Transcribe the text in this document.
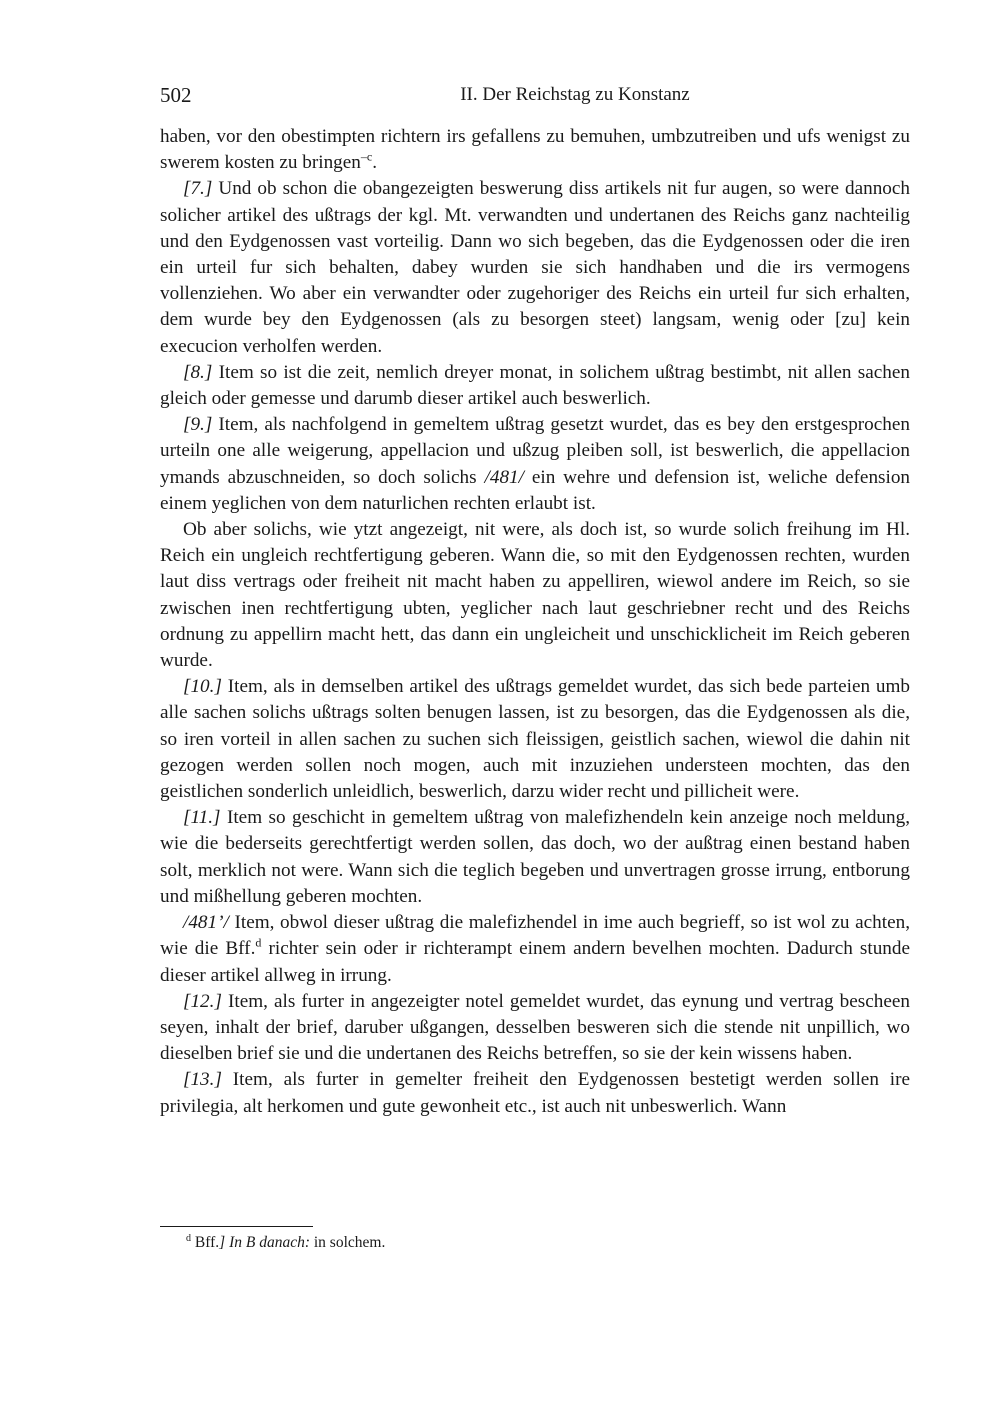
502	II. Der Reichstag zu Konstanz

haben, vor den obestimpten richtern irs gefallens zu bemuhen, umbzutreiben und ufs wenigst zu swerem kosten zu bringen$^{-c}$.

[7.] Und ob schon die obangezeigten beswerung diss artikels nit fur augen, so were dannoch solicher artikel des ußtrags der kgl. Mt. verwandten und undertanen des Reichs ganz nachteilig und den Eydgenossen vast vorteilig. Dann wo sich begeben, das die Eydgenossen oder die iren ein urteil fur sich behalten, dabey wurden sie sich handhaben und die irs vermogens vollenziehen. Wo aber ein verwandter oder zugehoriger des Reichs ein urteil fur sich erhalten, dem wurde bey den Eydgenossen (als zu besorgen steet) langsam, wenig oder [zu] kein execucion verholfen werden.

[8.] Item so ist die zeit, nemlich dreyer monat, in solichem ußtrag bestimbt, nit allen sachen gleich oder gemesse und darumb dieser artikel auch beswerlich.

[9.] Item, als nachfolgend in gemeltem ußtrag gesetzt wurdet, das es bey den erstgesprochen urteiln one alle weigerung, appellacion und ußzug pleiben soll, ist beswerlich, die appellacion ymands abzuschneiden, so doch solichs /481/ ein wehre und defension ist, weliche defension einem yeglichen von dem naturlichen rechten erlaubt ist.

Ob aber solichs, wie ytzt angezeigt, nit were, als doch ist, so wurde solich freihung im Hl. Reich ein ungleich rechtfertigung geberen. Wann die, so mit den Eydgenossen rechten, wurden laut diss vertrags oder freiheit nit macht haben zu appelliren, wiewol andere im Reich, so sie zwischen inen rechtfertigung ubten, yeglicher nach laut geschriebner recht und des Reichs ordnung zu appellirn macht hett, das dann ein ungleicheit und unschicklicheit im Reich geberen wurde.

[10.] Item, als in demselben artikel des ußtrags gemeldet wurdet, das sich bede parteien umb alle sachen solichs ußtrags solten benugen lassen, ist zu besorgen, das die Eydgenossen als die, so iren vorteil in allen sachen zu suchen sich fleissigen, geistlich sachen, wiewol die dahin nit gezogen werden sollen noch mogen, auch mit inzuziehen understeen mochten, das den geistlichen sonderlich unleidlich, beswerlich, darzu wider recht und pillicheit were.

[11.] Item so geschicht in gemeltem ußtrag von malefizhendeln kein anzeige noch meldung, wie die bederseits gerechtfertigt werden sollen, das doch, wo der außtrag einen bestand haben solt, merklich not were. Wann sich die teglich begeben und unvertragen grosse irrung, entborung und mißhellung geberen mochten.

/481’/ Item, obwol dieser ußtrag die malefizhendel in ime auch begrieff, so ist wol zu achten, wie die Bff.$^d$ richter sein oder ir richterampt einem andern bevelhen mochten. Dadurch stunde dieser artikel allweg in irrung.

[12.] Item, als furter in angezeigter notel gemeldet wurdet, das eynung und vertrag bescheen seyen, inhalt der brief, daruber ußgangen, desselben besweren sich die stende nit unpillich, wo dieselben brief sie und die undertanen des Reichs betreffen, so sie der kein wissens haben.

[13.] Item, als furter in gemelter freiheit den Eydgenossen bestetigt werden sollen ire privilegia, alt herkomen und gute gewonheit etc., ist auch nit unbeswerlich. Wann

$^d$ Bff.] In B danach: in solchem.
